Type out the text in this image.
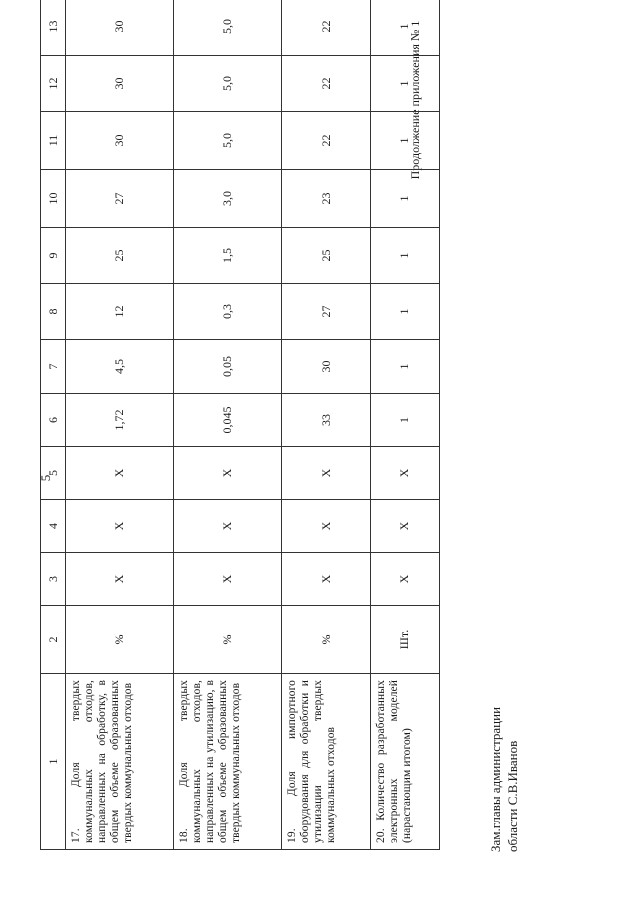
5
Продолжение приложения № 1
1	2	3	4	5	6	7	8	9	10	11	12	13
17. Доля твердых коммунальных отходов, направленных на обработку, в общем объеме образованных твердых коммунальных отходов	%	X	X	X	1,72	4,5	12	25	27	30	30	30
18. Доля твердых коммунальных отходов, направленных на утилизацию, в общем объеме образованных твердых коммунальных отходов	%	X	X	X	0,045	0,05	0,3	1,5	3,0	5,0	5,0	5,0
19. Доля импортного оборудования для обработки и утилизации твердых коммунальных отходов	%	X	X	X	33	30	27	25	23	22	22	22
20. Количество разработанных электронных моделей (нарастающим итогом)	Шт.	X	X	X	1	1	1	1	1	1	1	1
Зам.главы администрации области С.В.Иванов
